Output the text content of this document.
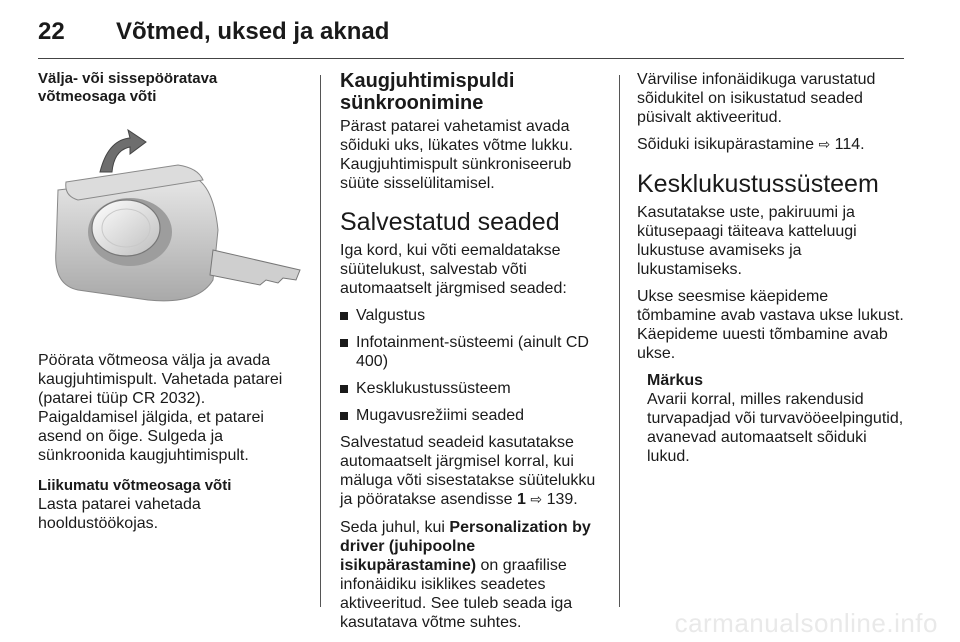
22 Võtmed, uksed ja aknad
Välja- või sissepööratava võtmeosaga võti

Pöörata võtmeosa välja ja avada kaugjuhtimispult. Vahetada patarei (patarei tüüp CR 2032). Paigaldamisel jälgida, et patarei asend on õige. Sulgeda ja sünkroonida kaugjuhtimispult.

Liikumatu võtmeosaga võti

Lasta patarei vahetada hooldustöökojas.

Kaugjuhtimispuldi sünkroonimine

Pärast patarei vahetamist avada sõiduki uks, lükates võtme lukku. Kaugjuhtimispult sünkroniseerub süüte sisselülitamisel.

Salvestatud seaded

Iga kord, kui võti eemaldatakse süütelukust, salvestab võti automaatselt järgmised seaded:

Valgustus
Infotainment-süsteemi (ainult CD 400)
Kesklukustussüsteem
Mugavusrežiimi seaded

Salvestatud seadeid kasutatakse automaatselt järgmisel korral, kui mäluga võti sisestatakse süütelukku ja pööratakse asendisse 1 ⇨ 139.

Seda juhul, kui Personalization by driver (juhipoolne isikupärastamine) on graafilise infonäidiku isiklikes seadetes aktiveeritud. See tuleb seada iga kasutatava võtme suhtes.

Värvilise infonäidikuga varustatud sõidukitel on isikustatud seaded püsivalt aktiveeritud.

Sõiduki isikupärastamine ⇨ 114.

Kesklukustussüsteem

Kasutatakse uste, pakiruumi ja kütusepaagi täiteava katteluugi lukustuse avamiseks ja lukustamiseks.

Ukse seesmise käepideme tõmbamine avab vastava ukse lukust. Käepideme uuesti tõmbamine avab ukse.

Märkus
Avarii korral, milles rakendusid turvapadjad või turvavööeelpingutid, avanevad automaatselt sõiduki lukud.
carmanualsonline.info
